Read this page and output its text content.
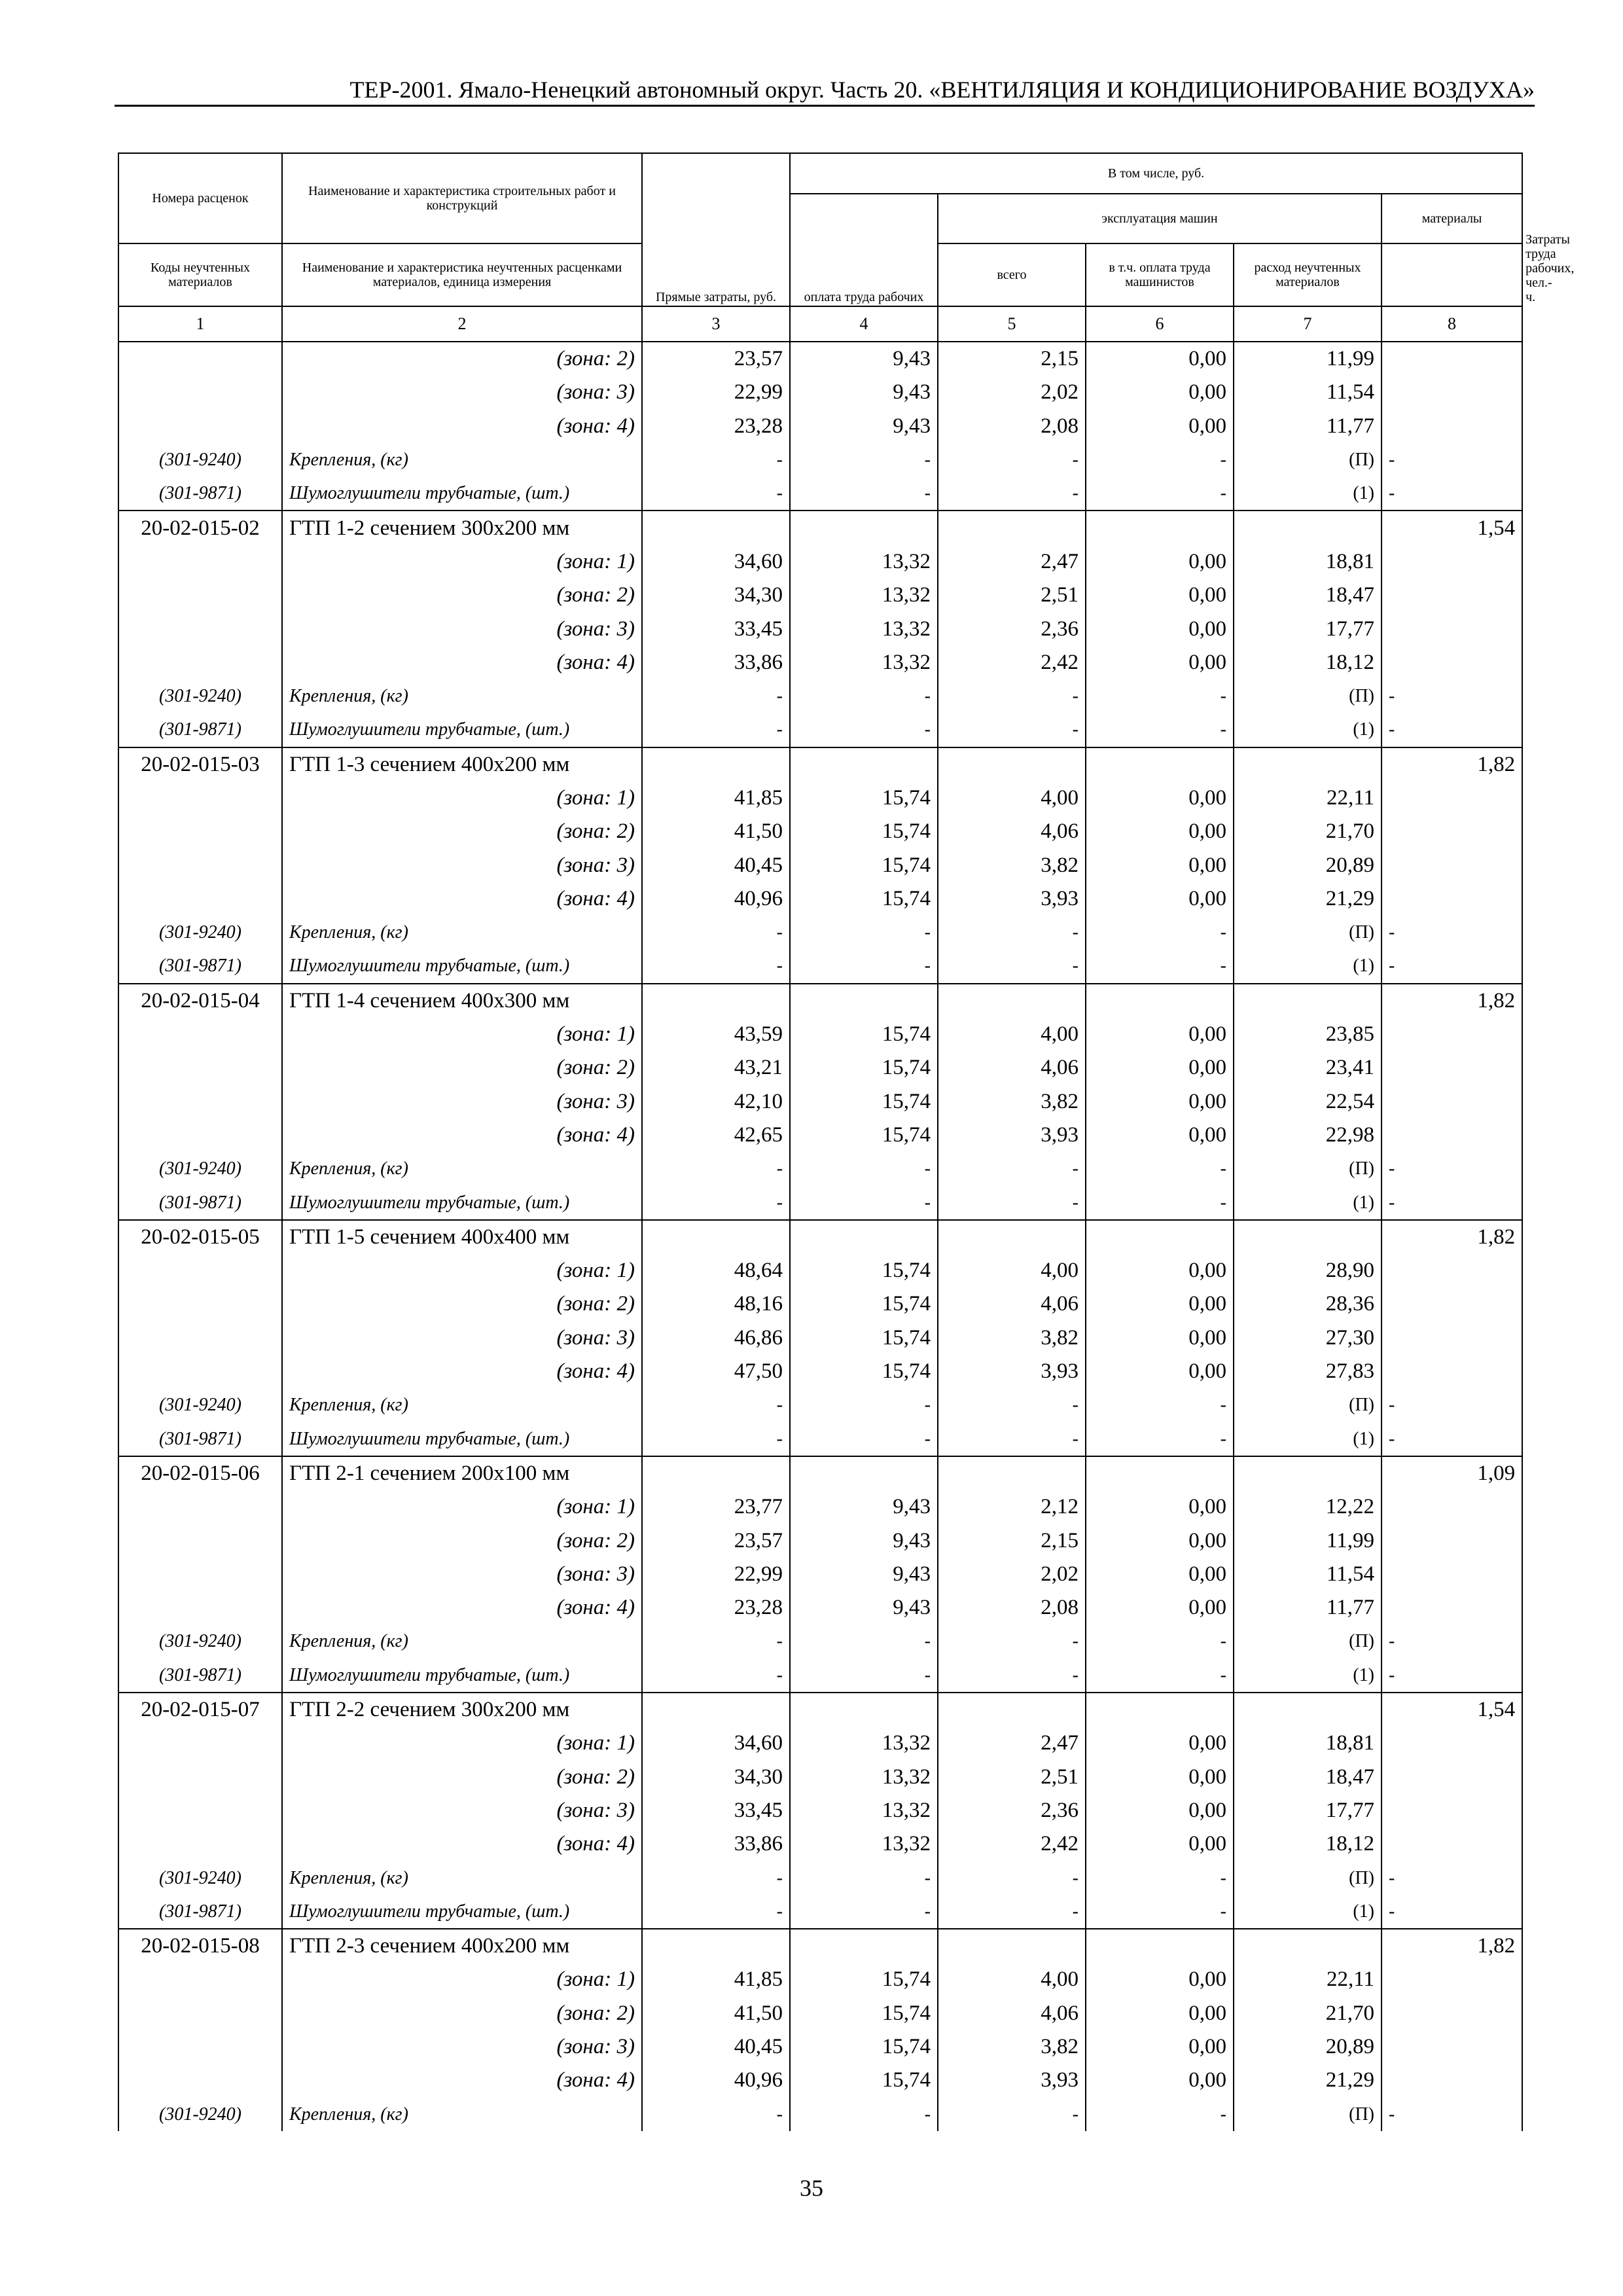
ТЕР-2001. Ямало-Ненецкий автономный округ. Часть 20. «ВЕНТИЛЯЦИЯ И КОНДИЦИОНИРОВАНИЕ ВОЗДУХА»
Номера расценок	Наименование и характеристика строительных работ и конструкций	Прямые затраты, руб.	В том числе, руб.					Затраты труда рабочих, чел.-ч.
			оплата труда рабочих	эксплуатация машин			материалы	
Коды неучтенных материалов	Наименование и характеристика неучтенных расценками материалов, единица измерения			всего	в т.ч. оплата труда машинистов	расход неучтенных материалов		
1	2	3	4	5	6	7	8	
	(зона: 2)	23,57	9,43	2,15	0,00	11,99		
	(зона: 3)	22,99	9,43	2,02	0,00	11,54		
	(зона: 4)	23,28	9,43	2,08	0,00	11,77		
(301-9240)	Крепления, (кг)	-	-	-	-	(П)	-	
(301-9871)	Шумоглушители трубчатые, (шт.)	-	-	-	-	(1)	-	
20-02-015-02	ГТП 1-2 сечением 300х200 мм						1,54	
	(зона: 1)	34,60	13,32	2,47	0,00	18,81		
	(зона: 2)	34,30	13,32	2,51	0,00	18,47		
	(зона: 3)	33,45	13,32	2,36	0,00	17,77		
	(зона: 4)	33,86	13,32	2,42	0,00	18,12		
(301-9240)	Крепления, (кг)	-	-	-	-	(П)	-	
(301-9871)	Шумоглушители трубчатые, (шт.)	-	-	-	-	(1)	-	
20-02-015-03	ГТП 1-3 сечением 400х200 мм						1,82	
	(зона: 1)	41,85	15,74	4,00	0,00	22,11		
	(зона: 2)	41,50	15,74	4,06	0,00	21,70		
	(зона: 3)	40,45	15,74	3,82	0,00	20,89		
	(зона: 4)	40,96	15,74	3,93	0,00	21,29		
(301-9240)	Крепления, (кг)	-	-	-	-	(П)	-	
(301-9871)	Шумоглушители трубчатые, (шт.)	-	-	-	-	(1)	-	
20-02-015-04	ГТП 1-4 сечением 400х300 мм						1,82	
	(зона: 1)	43,59	15,74	4,00	0,00	23,85		
	(зона: 2)	43,21	15,74	4,06	0,00	23,41		
	(зона: 3)	42,10	15,74	3,82	0,00	22,54		
	(зона: 4)	42,65	15,74	3,93	0,00	22,98		
(301-9240)	Крепления, (кг)	-	-	-	-	(П)	-	
(301-9871)	Шумоглушители трубчатые, (шт.)	-	-	-	-	(1)	-	
20-02-015-05	ГТП 1-5 сечением 400х400 мм						1,82	
	(зона: 1)	48,64	15,74	4,00	0,00	28,90		
	(зона: 2)	48,16	15,74	4,06	0,00	28,36		
	(зона: 3)	46,86	15,74	3,82	0,00	27,30		
	(зона: 4)	47,50	15,74	3,93	0,00	27,83		
(301-9240)	Крепления, (кг)	-	-	-	-	(П)	-	
(301-9871)	Шумоглушители трубчатые, (шт.)	-	-	-	-	(1)	-	
20-02-015-06	ГТП 2-1 сечением 200х100 мм						1,09	
	(зона: 1)	23,77	9,43	2,12	0,00	12,22		
	(зона: 2)	23,57	9,43	2,15	0,00	11,99		
	(зона: 3)	22,99	9,43	2,02	0,00	11,54		
	(зона: 4)	23,28	9,43	2,08	0,00	11,77		
(301-9240)	Крепления, (кг)	-	-	-	-	(П)	-	
(301-9871)	Шумоглушители трубчатые, (шт.)	-	-	-	-	(1)	-	
20-02-015-07	ГТП 2-2 сечением 300х200 мм						1,54	
	(зона: 1)	34,60	13,32	2,47	0,00	18,81		
	(зона: 2)	34,30	13,32	2,51	0,00	18,47		
	(зона: 3)	33,45	13,32	2,36	0,00	17,77		
	(зона: 4)	33,86	13,32	2,42	0,00	18,12		
(301-9240)	Крепления, (кг)	-	-	-	-	(П)	-	
(301-9871)	Шумоглушители трубчатые, (шт.)	-	-	-	-	(1)	-	
20-02-015-08	ГТП 2-3 сечением 400х200 мм						1,82	
	(зона: 1)	41,85	15,74	4,00	0,00	22,11		
	(зона: 2)	41,50	15,74	4,06	0,00	21,70		
	(зона: 3)	40,45	15,74	3,82	0,00	20,89		
	(зона: 4)	40,96	15,74	3,93	0,00	21,29		
(301-9240)	Крепления, (кг)	-	-	-	-	(П)	-	
35
